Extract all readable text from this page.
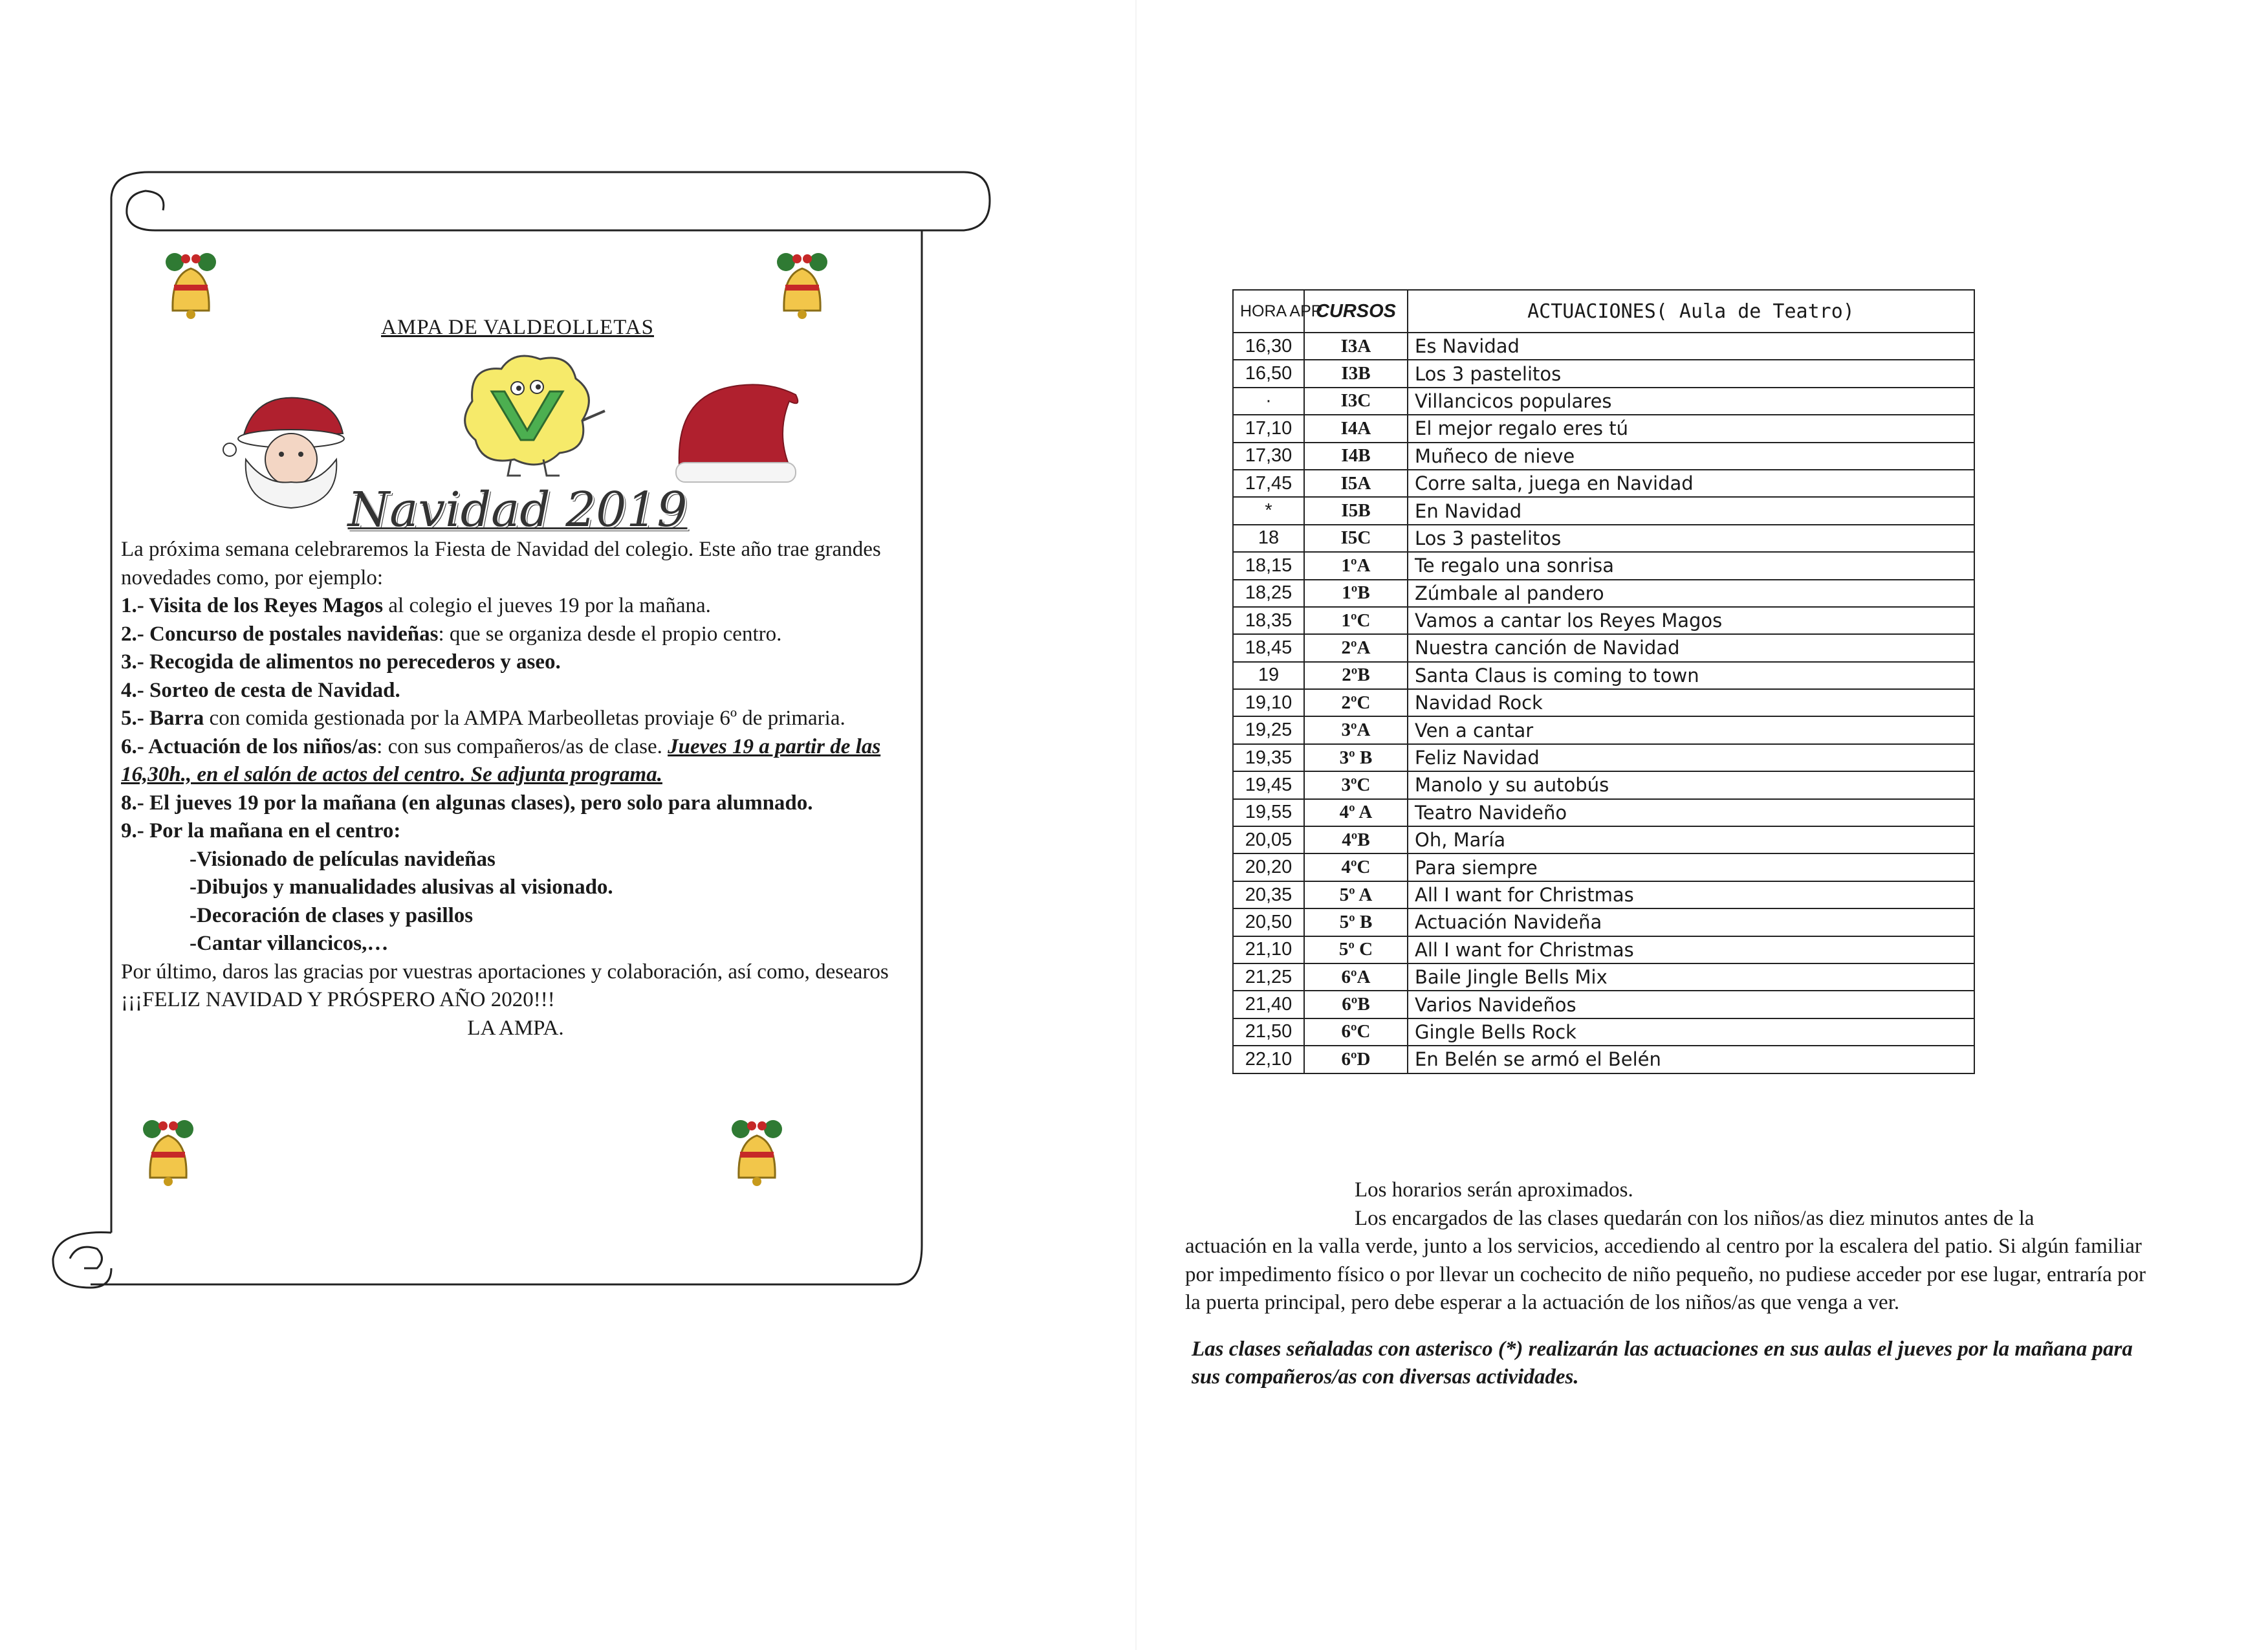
AMPA DE VALDEOLLETAS
Navidad 2019

La próxima semana celebraremos la Fiesta de Navidad del colegio. Este año trae grandes novedades como, por ejemplo:

1.- Visita de los Reyes Magos al colegio el jueves 19 por la mañana.

2.- Concurso de postales navideñas: que se organiza desde el propio centro.

3.- Recogida de alimentos no perecederos y aseo.

4.- Sorteo de cesta de Navidad.

5.- Barra con comida gestionada por la AMPA Marbeolletas proviaje 6º de primaria.

6.- Actuación de los niños/as: con sus compañeros/as de clase. Jueves 19 a partir de las 16,30h., en el salón de actos del centro. Se adjunta programa.

8.- El jueves 19 por la mañana (en algunas clases), pero solo para alumnado.

9.- Por la mañana en el centro:

-Visionado de películas navideñas

-Dibujos y manualidades alusivas al visionado.

-Decoración de clases y pasillos

-Cantar villancicos,…

Por último, daros las gracias por vuestras aportaciones y colaboración, así como, desearos ¡¡¡FELIZ NAVIDAD Y PRÓSPERO AÑO 2020!!!

LA AMPA.

HORA APR.	CURSOS	ACTUACIONES( Aula de Teatro)
16,30	I3A	Es Navidad
16,50	I3B	Los 3 pastelitos
·	I3C	Villancicos populares
17,10	I4A	El mejor regalo eres tú
17,30	I4B	Muñeco de nieve
17,45	I5A	Corre salta, juega en Navidad
*	I5B	En Navidad
18	I5C	Los 3 pastelitos
18,15	1ºA	Te regalo una sonrisa
18,25	1ºB	Zúmbale al pandero
18,35	1ºC	Vamos a cantar los Reyes Magos
18,45	2ºA	Nuestra canción de Navidad
19	2ºB	Santa Claus is coming to town
19,10	2ºC	Navidad Rock
19,25	3ºA	Ven a cantar
19,35	3º B	Feliz Navidad
19,45	3ºC	Manolo y su autobús
19,55	4º A	Teatro Navideño
20,05	4ºB	Oh, María
20,20	4ºC	Para siempre
20,35	5º A	All I want for Christmas
20,50	5º B	Actuación Navideña
21,10	5º C	All I want for Christmas
21,25	6ºA	Baile Jingle Bells Mix
21,40	6ºB	Varios Navideños
21,50	6ºC	Gingle Bells Rock
22,10	6ºD	En Belén se armó el Belén

Los horarios serán aproximados.

Los encargados de las clases quedarán con los niños/as diez minutos antes de la

actuación en la valla verde, junto a los servicios, accediendo al centro por la escalera del patio. Si algún familiar por impedimento físico o por llevar un cochecito de niño pequeño, no pudiese acceder por ese lugar, entraría por la puerta principal, pero debe esperar a la actuación de los niños/as que venga a ver.

Las clases señaladas con asterisco (*) realizarán las actuaciones en sus aulas el jueves por la mañana para sus compañeros/as con diversas actividades.
